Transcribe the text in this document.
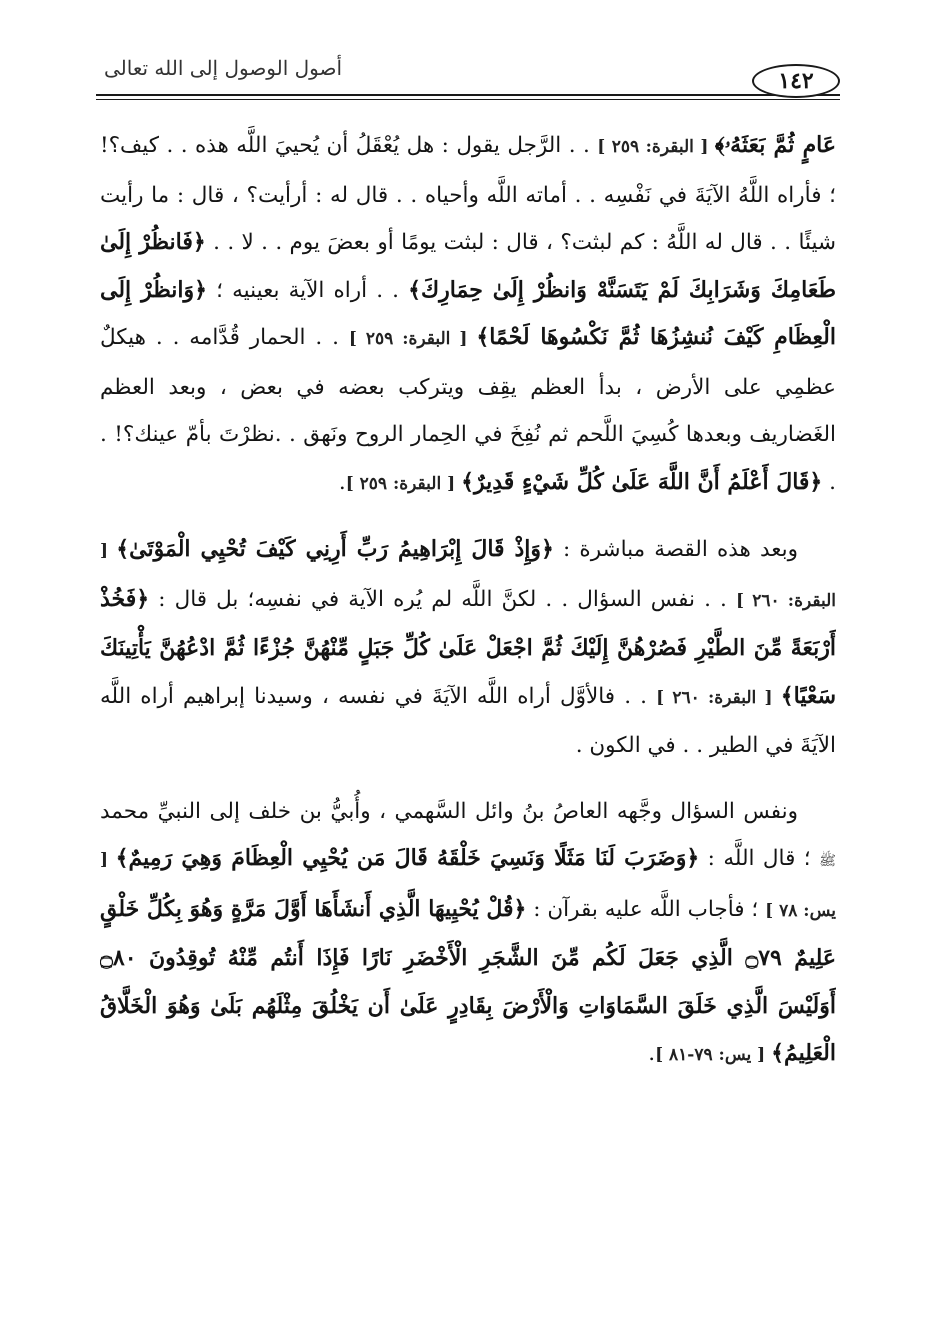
١٤٢
أصول الوصول إلى الله تعالى

عَامٍ ثُمَّ بَعَثَهُۥ﴾ [ البقرة: ٢٥٩ ] . . الرَّجل يقول : هل يُعْقَلُ أن يُحييَ اللَّه هذه . . كيف؟! ؛ فأراه اللَّهُ الآيَةَ في نَفْسِه . . أماته اللَّه وأحياه . . قال له : أرأيت؟ ، قال : ما رأيت شيئًا . . قال له اللَّهُ : كم لبثت؟ ، قال : لبثت يومًا أو بعضَ يوم . . لا . . ﴿فَانظُرْ إِلَىٰ طَعَامِكَ وَشَرَابِكَ لَمْ يَتَسَنَّهْ وَانظُرْ إِلَىٰ حِمَارِكَ﴾ . . أراه الآية بعينيه ؛ ﴿وَانظُرْ إِلَى الْعِظَامِ كَيْفَ نُنشِزُهَا ثُمَّ نَكْسُوهَا لَحْمًا﴾ [ البقرة: ٢٥٩ ] . . الحمار قُدَّامه . . هيكلٌ عظمِي على الأرض ، بدأ العظم يقِف ويتركب بعضه في بعض ، وبعد العظم الغَضاريف وبعدها كُسِيَ اللَّحم ثم نُفِخَ في الحِمار الروح ونَهق . .نظرْتَ بأمّ عينك؟! . . ﴿قَالَ أَعْلَمُ أَنَّ اللَّهَ عَلَىٰ كُلِّ شَيْءٍ قَدِيرٌ﴾ [ البقرة: ٢٥٩ ].

وبعد هذه القصة مباشرة : ﴿وَإِذْ قَالَ إِبْرَاهِيمُ رَبِّ أَرِنِي كَيْفَ تُحْيِي الْمَوْتَىٰ﴾ [ البقرة: ٢٦٠ ] . . نفس السؤال . . لكنَّ اللَّه لم يُره الآية في نفسِه؛ بل قال : ﴿فَخُذْ أَرْبَعَةً مِّنَ الطَّيْرِ فَصُرْهُنَّ إِلَيْكَ ثُمَّ اجْعَلْ عَلَىٰ كُلِّ جَبَلٍ مِّنْهُنَّ جُزْءًا ثُمَّ ادْعُهُنَّ يَأْتِينَكَ سَعْيًا﴾ [ البقرة: ٢٦٠ ] . . فالأوَّل أراه اللَّه الآيَةَ في نفسه ، وسيدنا إبراهيم أراه اللَّه الآيَةَ في الطير . . في الكون .

ونفس السؤال وجَّهه العاصُ بنُ وائل السَّهمي ، وأُبيُّ بن خلف إلى النبيِّ محمد ﷺ ؛ قال اللَّه : ﴿وَضَرَبَ لَنَا مَثَلًا وَنَسِيَ خَلْقَهُ قَالَ مَن يُحْيِي الْعِظَامَ وَهِيَ رَمِيمٌ﴾ [ يس: ٧٨ ] ؛ فأجاب اللَّه عليه بقرآن : ﴿قُلْ يُحْيِيهَا الَّذِي أَنشَأَهَا أَوَّلَ مَرَّةٍ وَهُوَ بِكُلِّ خَلْقٍ عَلِيمٌ ۝٧٩ الَّذِي جَعَلَ لَكُم مِّنَ الشَّجَرِ الْأَخْضَرِ نَارًا فَإِذَا أَنتُم مِّنْهُ تُوقِدُونَ ۝٨٠ أَوَلَيْسَ الَّذِي خَلَقَ السَّمَاوَاتِ وَالْأَرْضَ بِقَادِرٍ عَلَىٰ أَن يَخْلُقَ مِثْلَهُم بَلَىٰ وَهُوَ الْخَلَّاقُ الْعَلِيمُ﴾ [ يس: ٧٩-٨١ ].
